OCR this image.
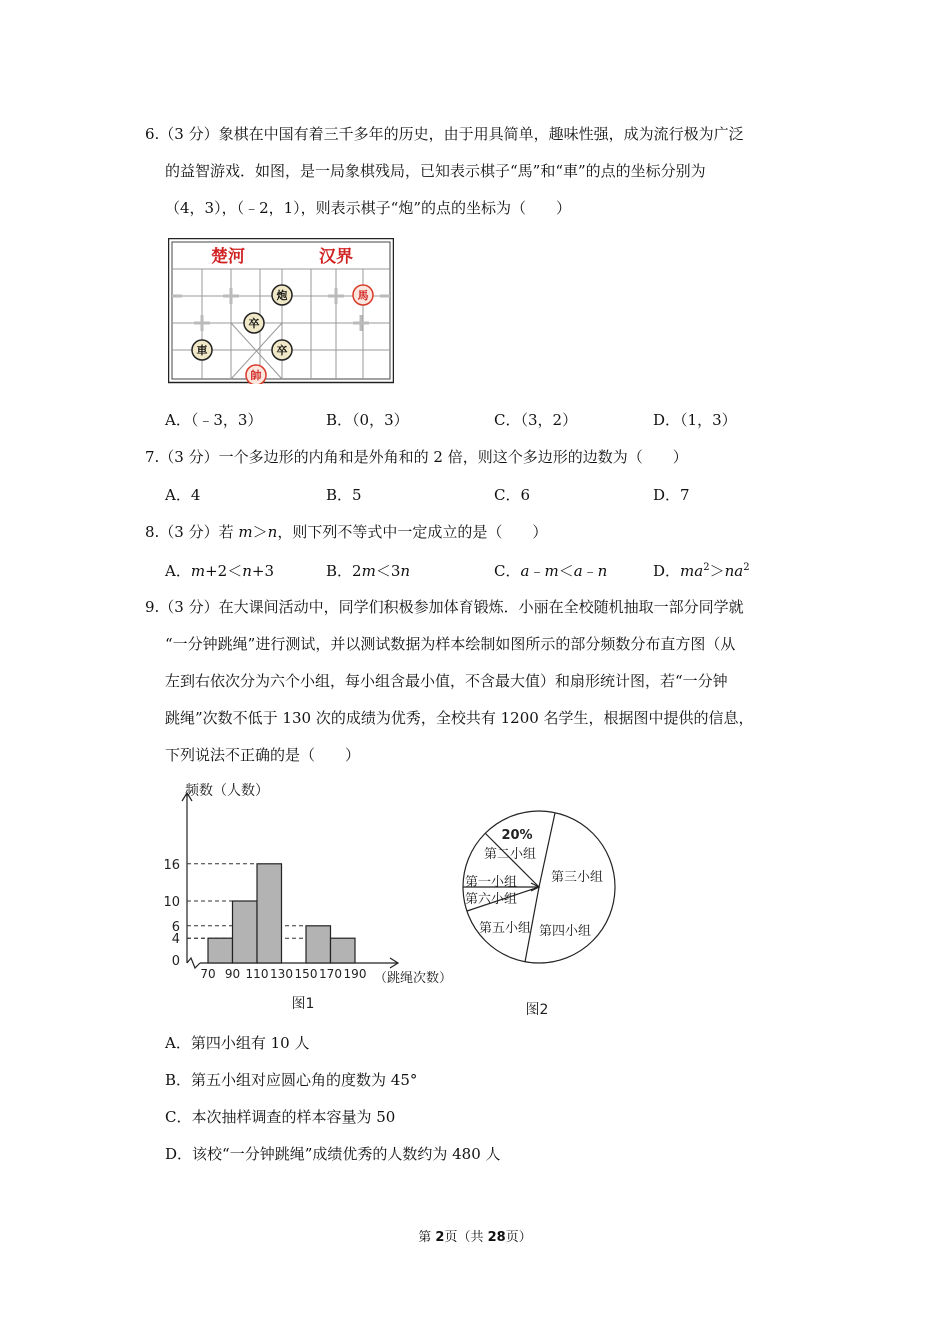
6.（3 分）象棋在中国有着三千多年的历史，由于用具简单，趣味性强，成为流行极为广泛
的益智游戏．如图，是一局象棋残局，已知表示棋子“馬”和“車”的点的坐标分别为
（4，3），（﹣2，1），则表示棋子“炮”的点的坐标为（　　）
楚河	汉界
炮	馬
卒
卒
車
帥
A．（﹣3，3）	B．（0，3）	C．（3，2）	D．（1，3）
7.（3 分）一个多边形的内角和是外角和的 2 倍，则这个多边形的边数为（　　）
A．4	B．5	C．6	D．7
8.（3 分）若 m＞n，则下列不等式中一定成立的是（　　）
A．m+2＜n+3	B．2m＜3n	C．a﹣m＜a﹣n	D．$ma^2>na^2$
9.（3 分）在大课间活动中，同学们积极参加体育锻炼．小丽在全校随机抽取一部分同学就
“一分钟跳绳”进行测试，并以测试数据为样本绘制如图所示的部分频数分布直方图（从
左到右依次分为六个小组，每小组含最小值，不含最大值）和扇形统计图，若“一分钟
跳绳”次数不低于 130 次的成绩为优秀，全校共有 1200 名学生，根据图中提供的信息，
下列说法不正确的是（　　）
频数（人数）
（跳绳次数）
0
4
6
10
16
70 90 110 130 150 170 190
图1
20%
第二小组
第三小组
第一小组
第六小组
第五小组 第四小组
图2
A．第四小组有 10 人
B．第五小组对应圆心角的度数为 45°
C．本次抽样调查的样本容量为 50
D．该校“一分钟跳绳”成绩优秀的人数约为 480 人
第 2页（共 28页）
